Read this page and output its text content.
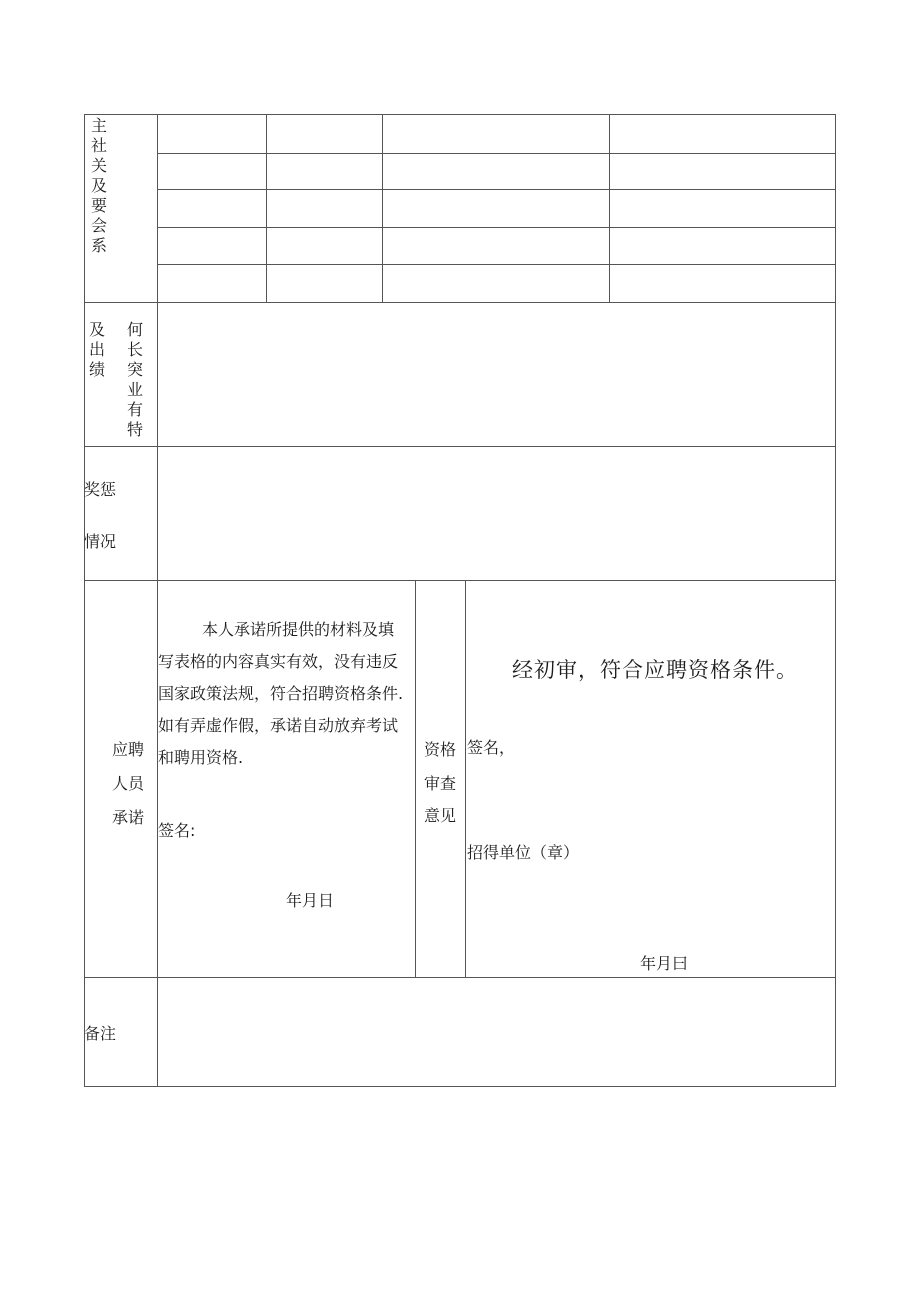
主
社
关
及
要
会
系
及
出
绩
何
长
突
业
有
特
奖惩
情况
应聘
人员
承诺
本人承诺所提供的材料及填
写表格的内容真实有效，没有违反
国家政策法规，符合招聘资格条件.
如有弄虚作假，承诺自动放弃考试
和聘用资格.
签名:
年月日
资格
审查
意见
经初审，符合应聘资格条件。
签名，
招得单位（章）
年月曰
备注
